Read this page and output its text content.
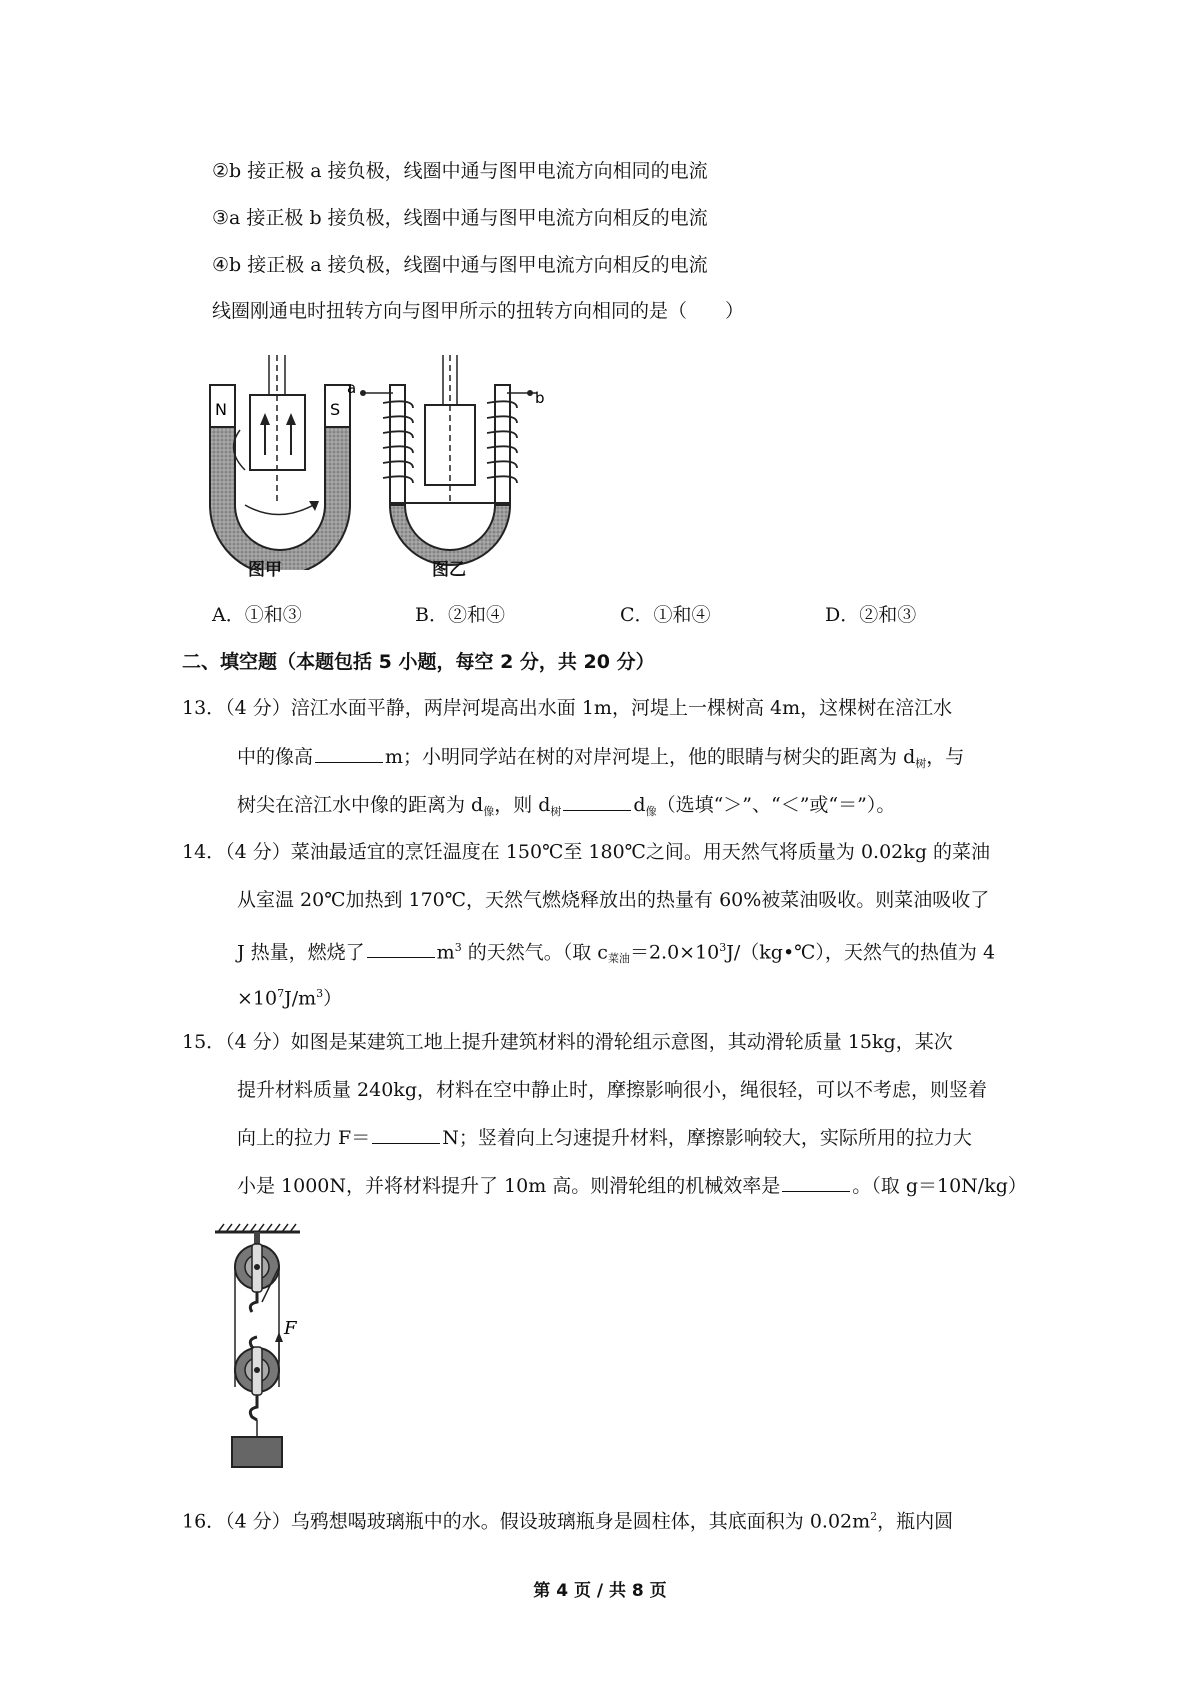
②b 接正极 a 接负极，线圈中通与图甲电流方向相同的电流
③a 接正极 b 接负极，线圈中通与图甲电流方向相反的电流
④b 接正极 a 接负极，线圈中通与图甲电流方向相反的电流
线圈刚通电时扭转方向与图甲所示的扭转方向相同的是（　　）
N	S
a
b
图甲	图乙
A．①和③	B．②和④	C．①和④	D．②和③
二、填空题（本题包括 5 小题，每空 2 分，共 20 分）
13．（4 分）涪江水面平静，两岸河堤高出水面 1m，河堤上一棵树高 4m，这棵树在涪江水
中的像高	m；小明同学站在树的对岸河堤上，他的眼睛与树尖的距离为 $d_树$，与
树尖在涪江水中像的距离为 $d_像$，则 $d_树$	$d_像$（选填“＞”、“＜”或“＝”）。
14．（4 分）菜油最适宜的烹饪温度在 150℃至 180℃之间。用天然气将质量为 0.02kg 的菜油
从室温 20℃加热到 170℃，天然气燃烧释放出的热量有 60%被菜油吸收。则菜油吸收了
J 热量，燃烧了	$m^3$ 的天然气。（取 $c_{菜油}=2.0\times 10^3J/(kg•℃)$，天然气的热值为 4
$\times 10^7J/m^3$）
15．（4 分）如图是某建筑工地上提升建筑材料的滑轮组示意图，其动滑轮质量 15kg，某次
提升材料质量 240kg，材料在空中静止时，摩擦影响很小，绳很轻，可以不考虑，则竖着
向上的拉力 F＝	N；竖着向上匀速提升材料，摩擦影响较大，实际所用的拉力大
小是 1000N，并将材料提升了 10m 高。则滑轮组的机械效率是	。（取 g＝10N/kg）
F
16．（4 分）乌鸦想喝玻璃瓶中的水。假设玻璃瓶身是圆柱体，其底面积为 $0.02m^2$，瓶内圆
第 4 页 / 共 8 页
